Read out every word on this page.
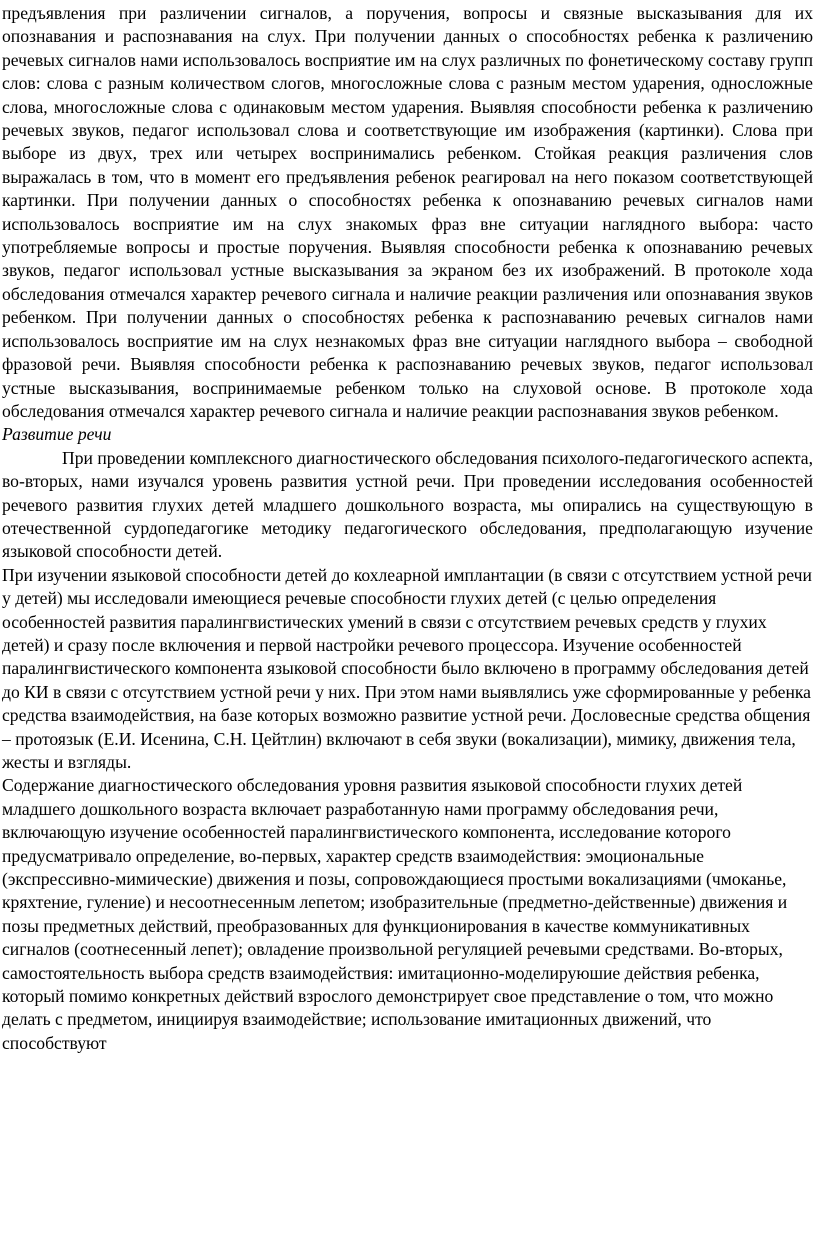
предъявления при различении сигналов, а поручения, вопросы и связные высказывания для их опознавания и распознавания на слух. При получении данных о способностях ребенка к различению речевых сигналов нами использовалось восприятие им на слух различных по фонетическому составу групп слов: слова с разным количеством слогов, многосложные слова с разным местом ударения, односложные слова, многосложные слова с одинаковым местом ударения. Выявляя способности ребенка к различению речевых звуков, педагог использовал слова и соответствующие им изображения (картинки). Слова при выборе из двух, трех или четырех воспринимались ребенком. Стойкая реакция различения слов выражалась в том, что в момент его предъявления ребенок реагировал на него показом соответствующей картинки. При получении данных о способностях ребенка к опознаванию речевых сигналов нами использовалось восприятие им на слух знакомых фраз вне ситуации наглядного выбора: часто употребляемые вопросы и простые поручения. Выявляя способности ребенка к опознаванию речевых звуков, педагог использовал устные высказывания за экраном без их изображений. В протоколе хода обследования отмечался характер речевого сигнала и наличие реакции различения или опознавания звуков ребенком. При получении данных о способностях ребенка к распознаванию речевых сигналов нами использовалось восприятие им на слух незнакомых фраз вне ситуации наглядного выбора – свободной фразовой речи. Выявляя способности ребенка к распознаванию речевых звуков, педагог использовал устные высказывания, воспринимаемые ребенком только на слуховой основе. В протоколе хода обследования отмечался характер речевого сигнала и наличие реакции распознавания звуков ребенком.

Развитие речи

При проведении комплексного диагностического обследования психолого-педагогического аспекта, во-вторых, нами изучался уровень развития устной речи. При проведении исследования особенностей речевого развития глухих детей младшего дошкольного возраста, мы опирались на существующую в отечественной сурдопедагогике методику педагогического обследования, предполагающую изучение языковой способности детей.

При изучении языковой способности детей до кохлеарной имплантации (в связи с отсутствием устной речи у детей) мы исследовали имеющиеся речевые способности глухих детей (с целью определения особенностей развития паралингвистических умений в связи с отсутствием речевых средств у глухих детей) и сразу после включения и первой настройки речевого процессора. Изучение особенностей паралингвистического компонента языковой способности было включено в программу обследования детей до КИ в связи с отсутствием устной речи у них. При этом нами выявлялись уже сформированные у ребенка средства взаимодействия, на базе которых возможно развитие устной речи. Дословесные средства общения – протоязык (Е.И. Исенина, С.Н. Цейтлин) включают в себя звуки (вокализации), мимику, движения тела, жесты и взгляды.

Содержание диагностического обследования уровня развития языковой способности глухих детей младшего дошкольного возраста включает разработанную нами программу обследования речи, включающую изучение особенностей паралингвистического компонента, исследование которого предусматривало определение, во-первых, характер средств взаимодействия: эмоциональные (экспрессивно-мимические) движения и позы, сопровождающиеся простыми вокализациями (чмоканье, кряхтение, гуление) и несоотнесенным лепетом; изобразительные (предметно-действенные) движения и позы предметных действий, преобразованных для функционирования в качестве коммуникативных сигналов (соотнесенный лепет); овладение произвольной регуляцией речевыми средствами. Во-вторых, самостоятельность выбора средств взаимодействия: имитационно-моделируюшие действия ребенка, который помимо конкретных действий взрослого демонстрирует свое представление о том, что можно делать с предметом, инициируя взаимодействие; использование имитационных движений, что способствуют
